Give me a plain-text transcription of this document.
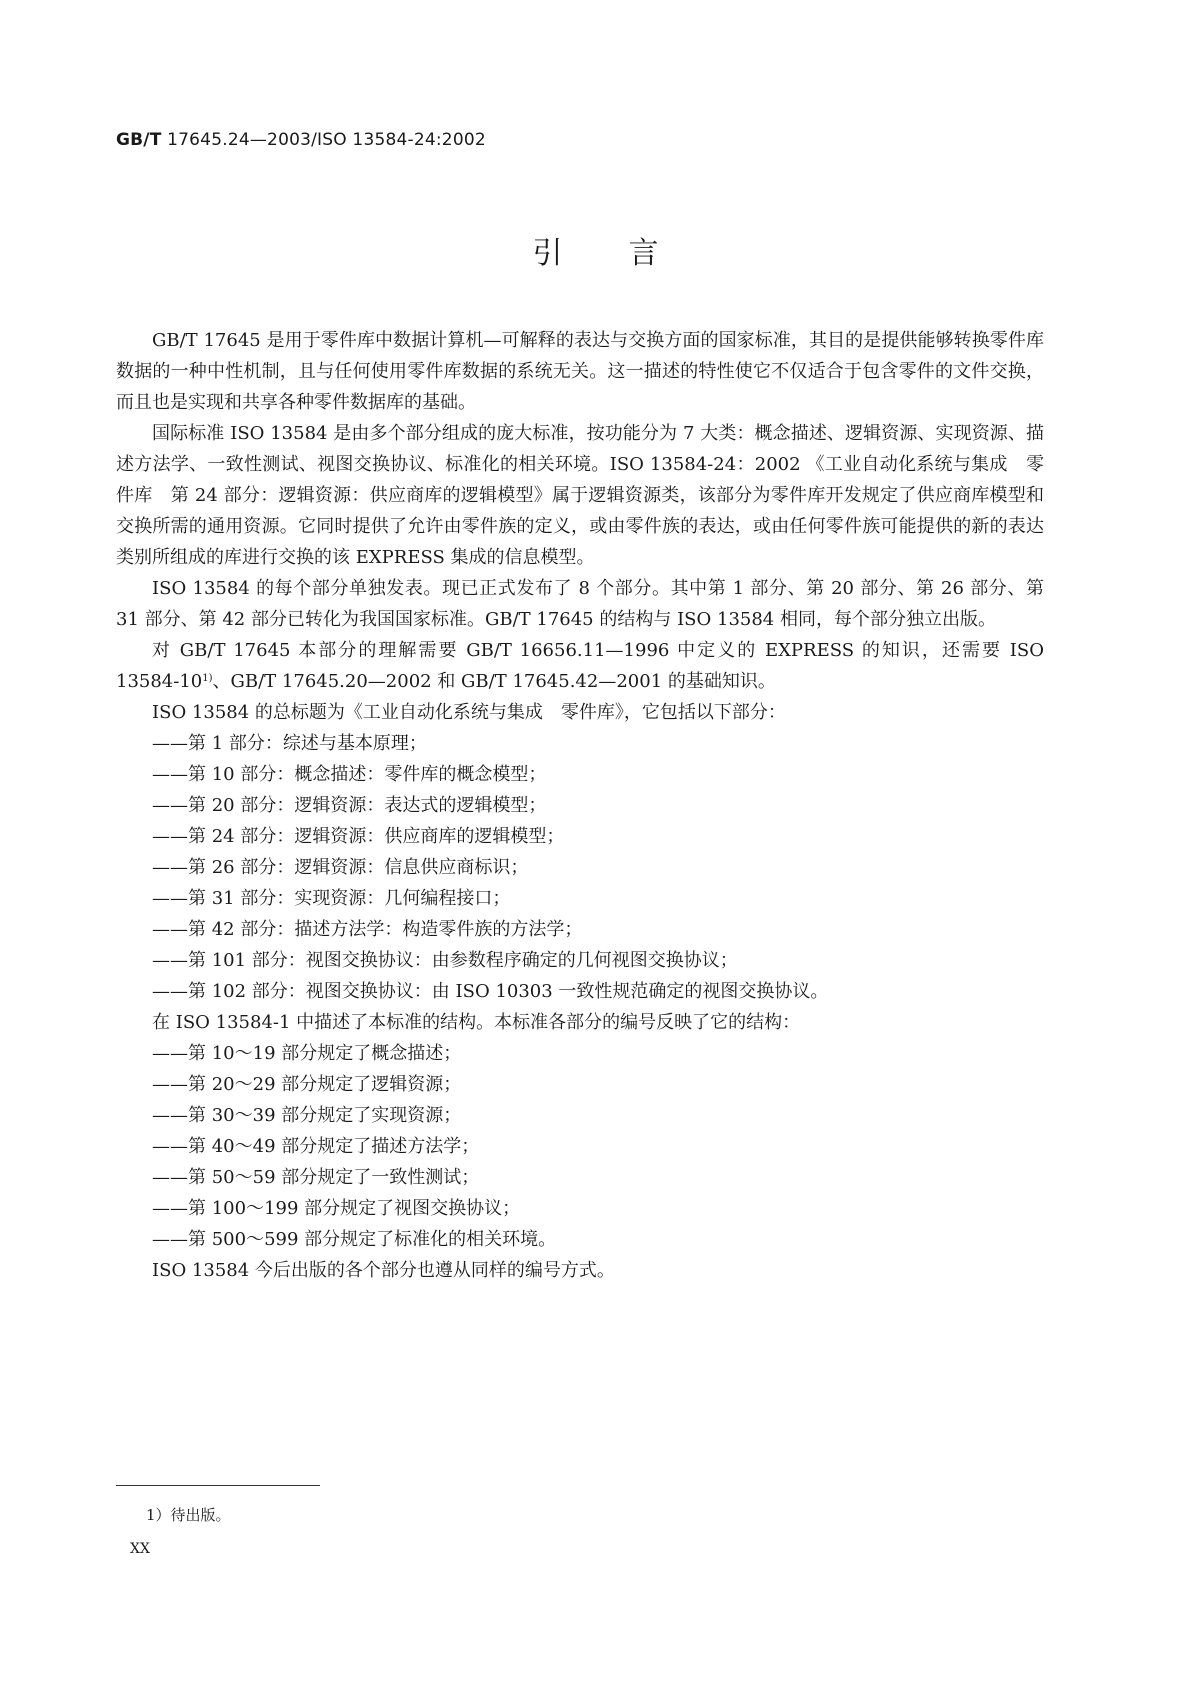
GB/T 17645.24—2003/ISO 13584-24:2002
引言

GB/T 17645 是用于零件库中数据计算机—可解释的表达与交换方面的国家标准，其目的是提供能够转换零件库数据的一种中性机制，且与任何使用零件库数据的系统无关。这一描述的特性使它不仅适合于包含零件的文件交换，而且也是实现和共享各种零件数据库的基础。

国际标准 ISO 13584 是由多个部分组成的庞大标准，按功能分为 7 大类：概念描述、逻辑资源、实现资源、描述方法学、一致性测试、视图交换协议、标准化的相关环境。ISO 13584-24：2002 《工业自动化系统与集成　零件库　第 24 部分：逻辑资源：供应商库的逻辑模型》属于逻辑资源类，该部分为零件库开发规定了供应商库模型和交换所需的通用资源。它同时提供了允许由零件族的定义，或由零件族的表达，或由任何零件族可能提供的新的表达类别所组成的库进行交换的该 EXPRESS 集成的信息模型。

ISO 13584 的每个部分单独发表。现已正式发布了 8 个部分。其中第 1 部分、第 20 部分、第 26 部分、第 31 部分、第 42 部分已转化为我国国家标准。GB/T 17645 的结构与 ISO 13584 相同，每个部分独立出版。

对 GB/T 17645 本部分的理解需要 GB/T 16656.11—1996 中定义的 EXPRESS 的知识，还需要 ISO 13584-10$^{1)}$、GB/T 17645.20—2002 和 GB/T 17645.42—2001 的基础知识。

ISO 13584 的总标题为《工业自动化系统与集成　零件库》，它包括以下部分：

——第 1 部分：综述与基本原理；

——第 10 部分：概念描述：零件库的概念模型；

——第 20 部分：逻辑资源：表达式的逻辑模型；

——第 24 部分：逻辑资源：供应商库的逻辑模型；

——第 26 部分：逻辑资源：信息供应商标识；

——第 31 部分：实现资源：几何编程接口；

——第 42 部分：描述方法学：构造零件族的方法学；

——第 101 部分：视图交换协议：由参数程序确定的几何视图交换协议；

——第 102 部分：视图交换协议：由 ISO 10303 一致性规范确定的视图交换协议。

在 ISO 13584-1 中描述了本标准的结构。本标准各部分的编号反映了它的结构：

——第 10～19 部分规定了概念描述；

——第 20～29 部分规定了逻辑资源；

——第 30～39 部分规定了实现资源；

——第 40～49 部分规定了描述方法学；

——第 50～59 部分规定了一致性测试；

——第 100～199 部分规定了视图交换协议；

——第 500～599 部分规定了标准化的相关环境。

ISO 13584 今后出版的各个部分也遵从同样的编号方式。

1）待出版。
XX
